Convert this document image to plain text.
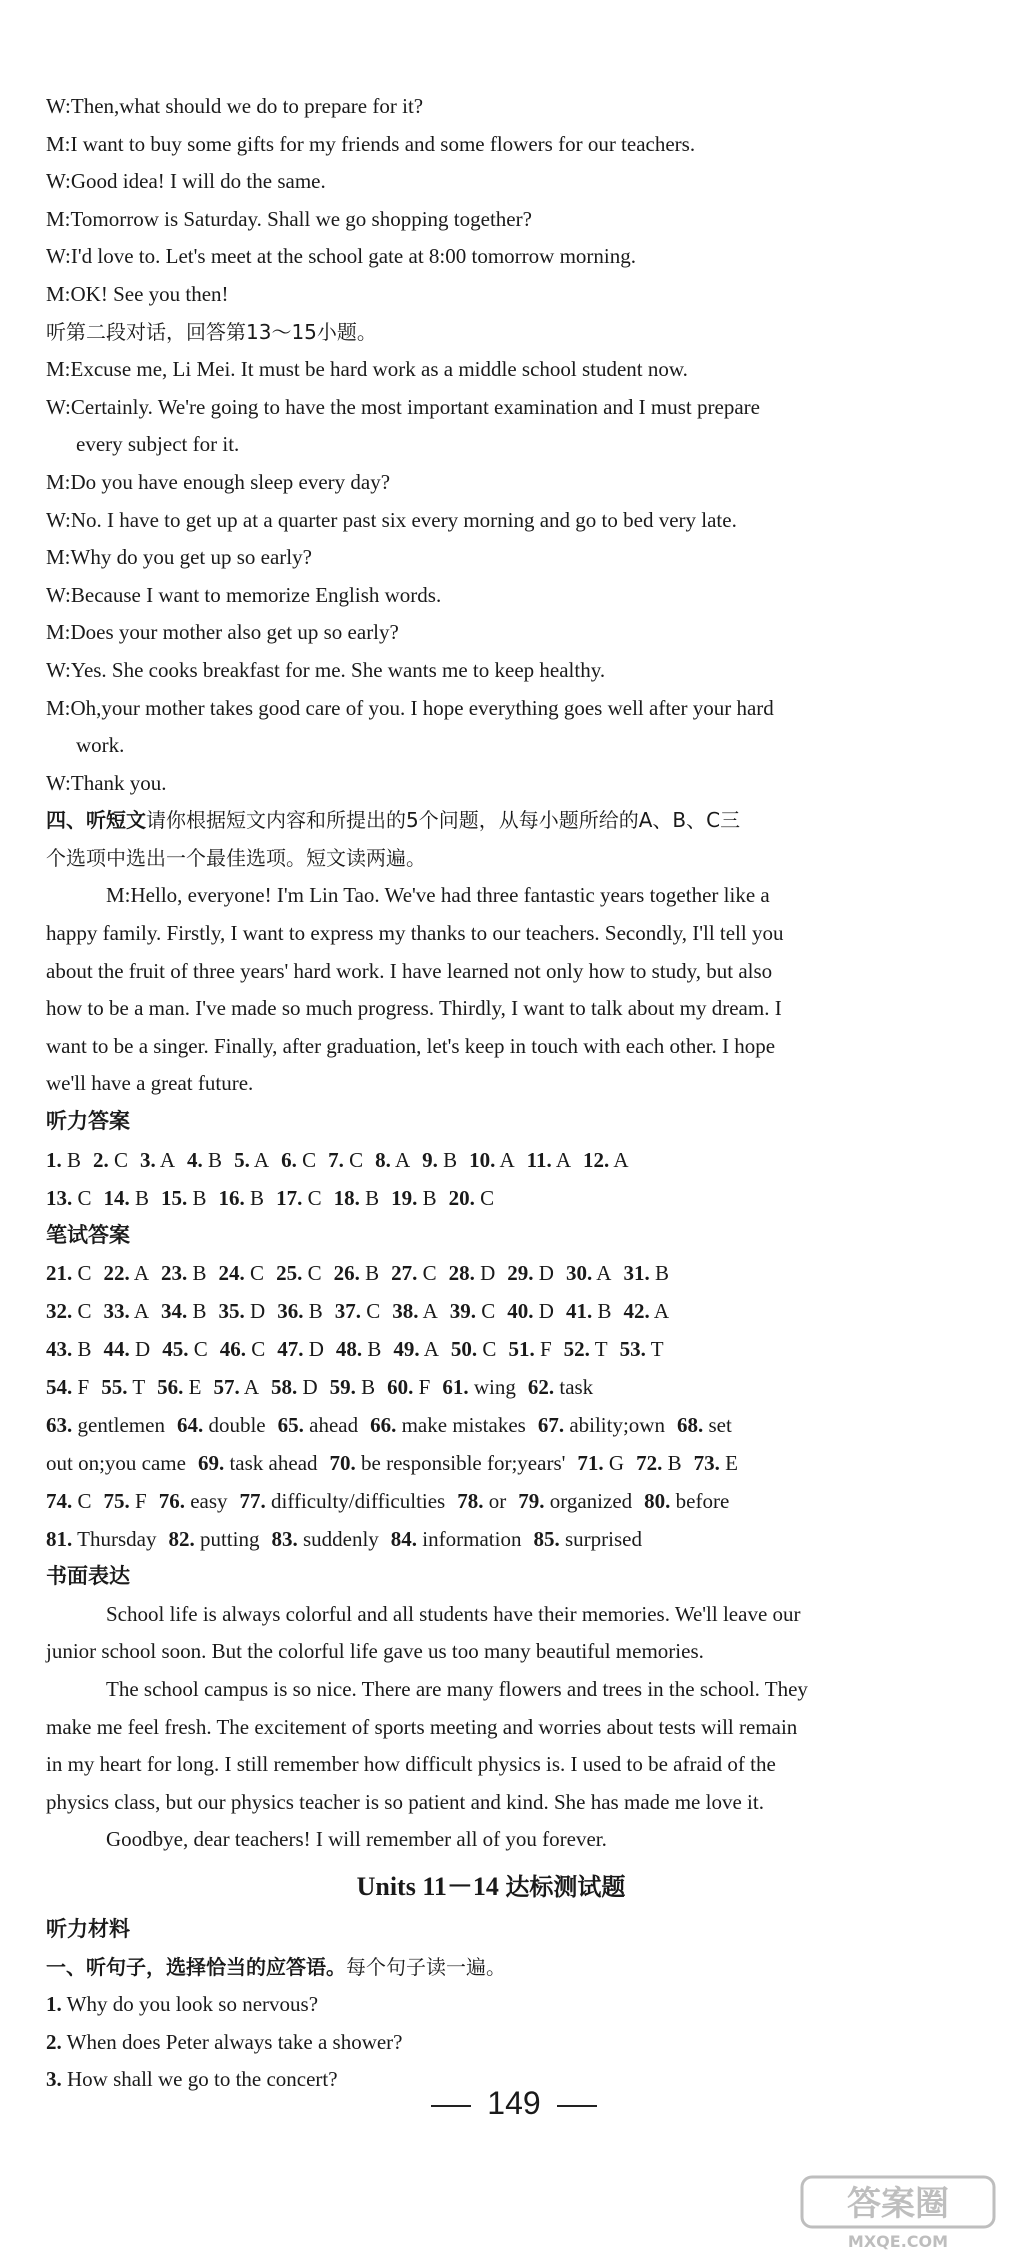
W:Then,what should we do to prepare for it?
M:I want to buy some gifts for my friends and some flowers for our teachers.
W:Good idea! I will do the same.
M:Tomorrow is Saturday. Shall we go shopping together?
W:I'd love to. Let's meet at the school gate at 8:00 tomorrow morning.
M:OK! See you then!
听第二段对话，回答第13～15小题。
M:Excuse me, Li Mei. It must be hard work as a middle school student now.
W:Certainly. We're going to have the most important examination and I must prepare
every subject for it.
M:Do you have enough sleep every day?
W:No. I have to get up at a quarter past six every morning and go to bed very late.
M:Why do you get up so early?
W:Because I want to memorize English words.
M:Does your mother also get up so early?
W:Yes. She cooks breakfast for me. She wants me to keep healthy.
M:Oh,your mother takes good care of you. I hope everything goes well after your hard
work.
W:Thank you.
四、听短文请你根据短文内容和所提出的5个问题，从每小题所给的A、B、C三
个选项中选出一个最佳选项。短文读两遍。
M:Hello, everyone! I'm Lin Tao. We've had three fantastic years together like a
happy family. Firstly, I want to express my thanks to our teachers. Secondly, I'll tell you
about the fruit of three years' hard work. I have learned not only how to study, but also
how to be a man. I've made so much progress. Thirdly, I want to talk about my dream. I
want to be a singer. Finally, after graduation, let's keep in touch with each other. I hope
we'll have a great future.
听力答案
1. B 2. C 3. A 4. B 5. A 6. C 7. C 8. A 9. B 10. A 11. A 12. A
13. C 14. B 15. B 16. B 17. C 18. B 19. B 20. C
笔试答案
21. C 22. A 23. B 24. C 25. C 26. B 27. C 28. D 29. D 30. A 31. B
32. C 33. A 34. B 35. D 36. B 37. C 38. A 39. C 40. D 41. B 42. A
43. B 44. D 45. C 46. C 47. D 48. B 49. A 50. C 51. F 52. T 53. T
54. F 55. T 56. E 57. A 58. D 59. B 60. F 61. wing 62. task
63. gentlemen 64. double 65. ahead 66. make mistakes 67. ability;own 68. set
out on;you came 69. task ahead 70. be responsible for;years' 71. G 72. B 73. E
74. C 75. F 76. easy 77. difficulty/difficulties 78. or 79. organized 80. before
81. Thursday 82. putting 83. suddenly 84. information 85. surprised
书面表达
School life is always colorful and all students have their memories. We'll leave our
junior school soon. But the colorful life gave us too many beautiful memories.
The school campus is so nice. There are many flowers and trees in the school. They
make me feel fresh. The excitement of sports meeting and worries about tests will remain
in my heart for long. I still remember how difficult physics is. I used to be afraid of the
physics class, but our physics teacher is so patient and kind. She has made me love it.
Goodbye, dear teachers! I will remember all of you forever.
Units 11－14 达标测试题
听力材料
一、听句子，选择恰当的应答语。每个句子读一遍。
1. Why do you look so nervous?
2. When does Peter always take a shower?
3. How shall we go to the concert?
149
答案圈
MXQE.COM
